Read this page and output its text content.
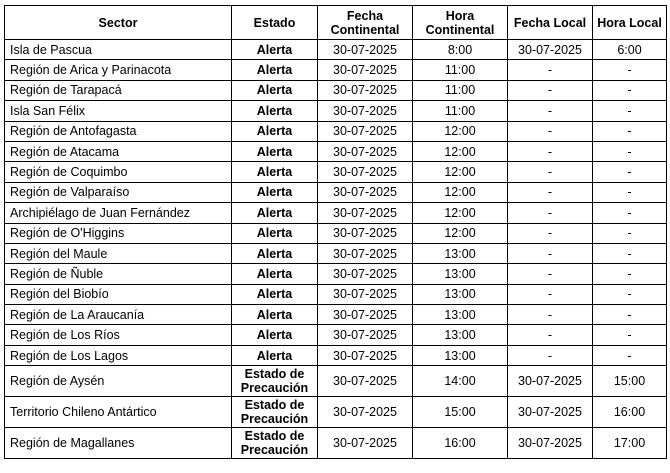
Sector	Estado	Fecha Continental	Hora Continental	Fecha Local	Hora Local
Isla de Pascua	Alerta	30-07-2025	8:00	30-07-2025	6:00
Región de Arica y Parinacota	Alerta	30-07-2025	11:00	-	-
Región de Tarapacá	Alerta	30-07-2025	11:00	-	-
Isla San Félix	Alerta	30-07-2025	11:00	-	-
Región de Antofagasta	Alerta	30-07-2025	12:00	-	-
Región de Atacama	Alerta	30-07-2025	12:00	-	-
Región de Coquimbo	Alerta	30-07-2025	12:00	-	-
Región de Valparaíso	Alerta	30-07-2025	12:00	-	-
Archipiélago de Juan Fernández	Alerta	30-07-2025	12:00	-	-
Región de O'Higgins	Alerta	30-07-2025	12:00	-	-
Región del Maule	Alerta	30-07-2025	13:00	-	-
Región de Ñuble	Alerta	30-07-2025	13:00	-	-
Región del Biobío	Alerta	30-07-2025	13:00	-	-
Región de La Araucanía	Alerta	30-07-2025	13:00	-	-
Región de Los Ríos	Alerta	30-07-2025	13:00	-	-
Región de Los Lagos	Alerta	30-07-2025	13:00	-	-
Región de Aysén	Estado de Precaución	30-07-2025	14:00	30-07-2025	15:00
Territorio Chileno Antártico	Estado de Precaución	30-07-2025	15:00	30-07-2025	16:00
Región de Magallanes	Estado de Precaución	30-07-2025	16:00	30-07-2025	17:00
